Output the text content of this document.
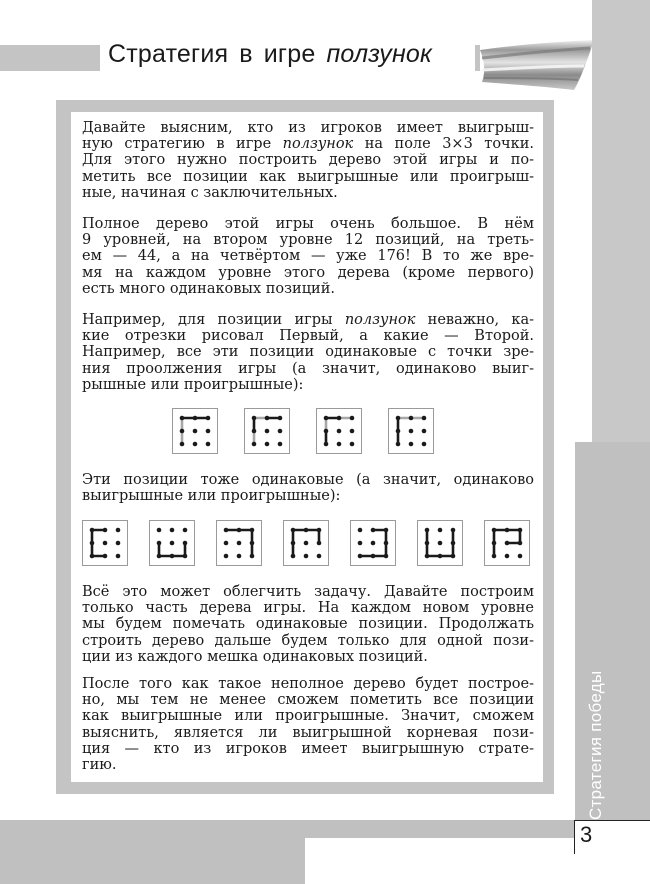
Стратегия в игре ползунок
Стратегия победы
Давайте выясним, кто из игроков имеет выигрыш-
ную стратегию в игре ползунок на поле 3×3 точки.
Для этого нужно построить дерево этой игры и по-
метить все позиции как выигрышные или проигрыш-
ные, начиная с заключительных.
Полное дерево этой игры очень большое. В нём
9 уровней, на втором уровне 12 позиций, на треть-
ем — 44, а на четвёртом — уже 176! В то же вре-
мя на каждом уровне этого дерева (кроме первого)
есть много одинаковых позиций.
Например, для позиции игры ползунок неважно, ка-
кие отрезки рисовал Первый, а какие — Второй.
Например, все эти позиции одинаковые с точки зре-
ния проолжения игры (а значит, одинаково выиг-
рышные или проигрышные):
Эти позиции тоже одинаковые (а значит, одинаково
выигрышные или проигрышные):
Всё это может облегчить задачу. Давайте построим
только часть дерева игры. На каждом новом уровне
мы будем помечать одинаковые позиции. Продолжать
строить дерево дальше будем только для одной пози-
ции из каждого мешка одинаковых позиций.
После того как такое неполное дерево будет построе-
но, мы тем не менее сможем пометить все позиции
как выигрышные или проигрышные. Значит, сможем
выяснить, является ли выигрышной корневая пози-
ция — кто из игроков имеет выигрышную страте-
гию.
3
